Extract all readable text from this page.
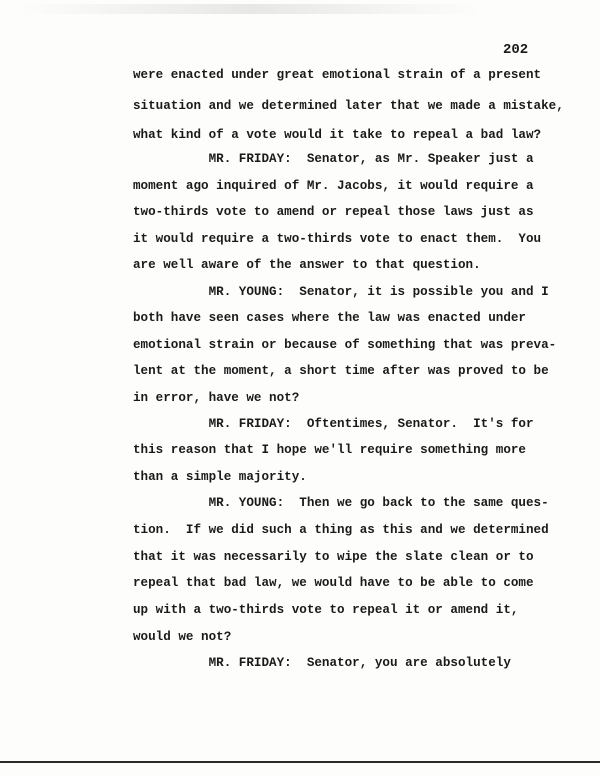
202
were enacted under great emotional strain of a present
situation and we determined later that we made a mistake,
what kind of a vote would it take to repeal a bad law?
MR. FRIDAY:  Senator, as Mr. Speaker just a
moment ago inquired of Mr. Jacobs, it would require a
two-thirds vote to amend or repeal those laws just as
it would require a two-thirds vote to enact them.  You
are well aware of the answer to that question.
MR. YOUNG:  Senator, it is possible you and I
both have seen cases where the law was enacted under
emotional strain or because of something that was preva-
lent at the moment, a short time after was proved to be
in error, have we not?
MR. FRIDAY:  Oftentimes, Senator.  It's for
this reason that I hope we'll require something more
than a simple majority.
MR. YOUNG:  Then we go back to the same ques-
tion.  If we did such a thing as this and we determined
that it was necessarily to wipe the slate clean or to
repeal that bad law, we would have to be able to come
up with a two-thirds vote to repeal it or amend it,
would we not?
MR. FRIDAY:  Senator, you are absolutely
